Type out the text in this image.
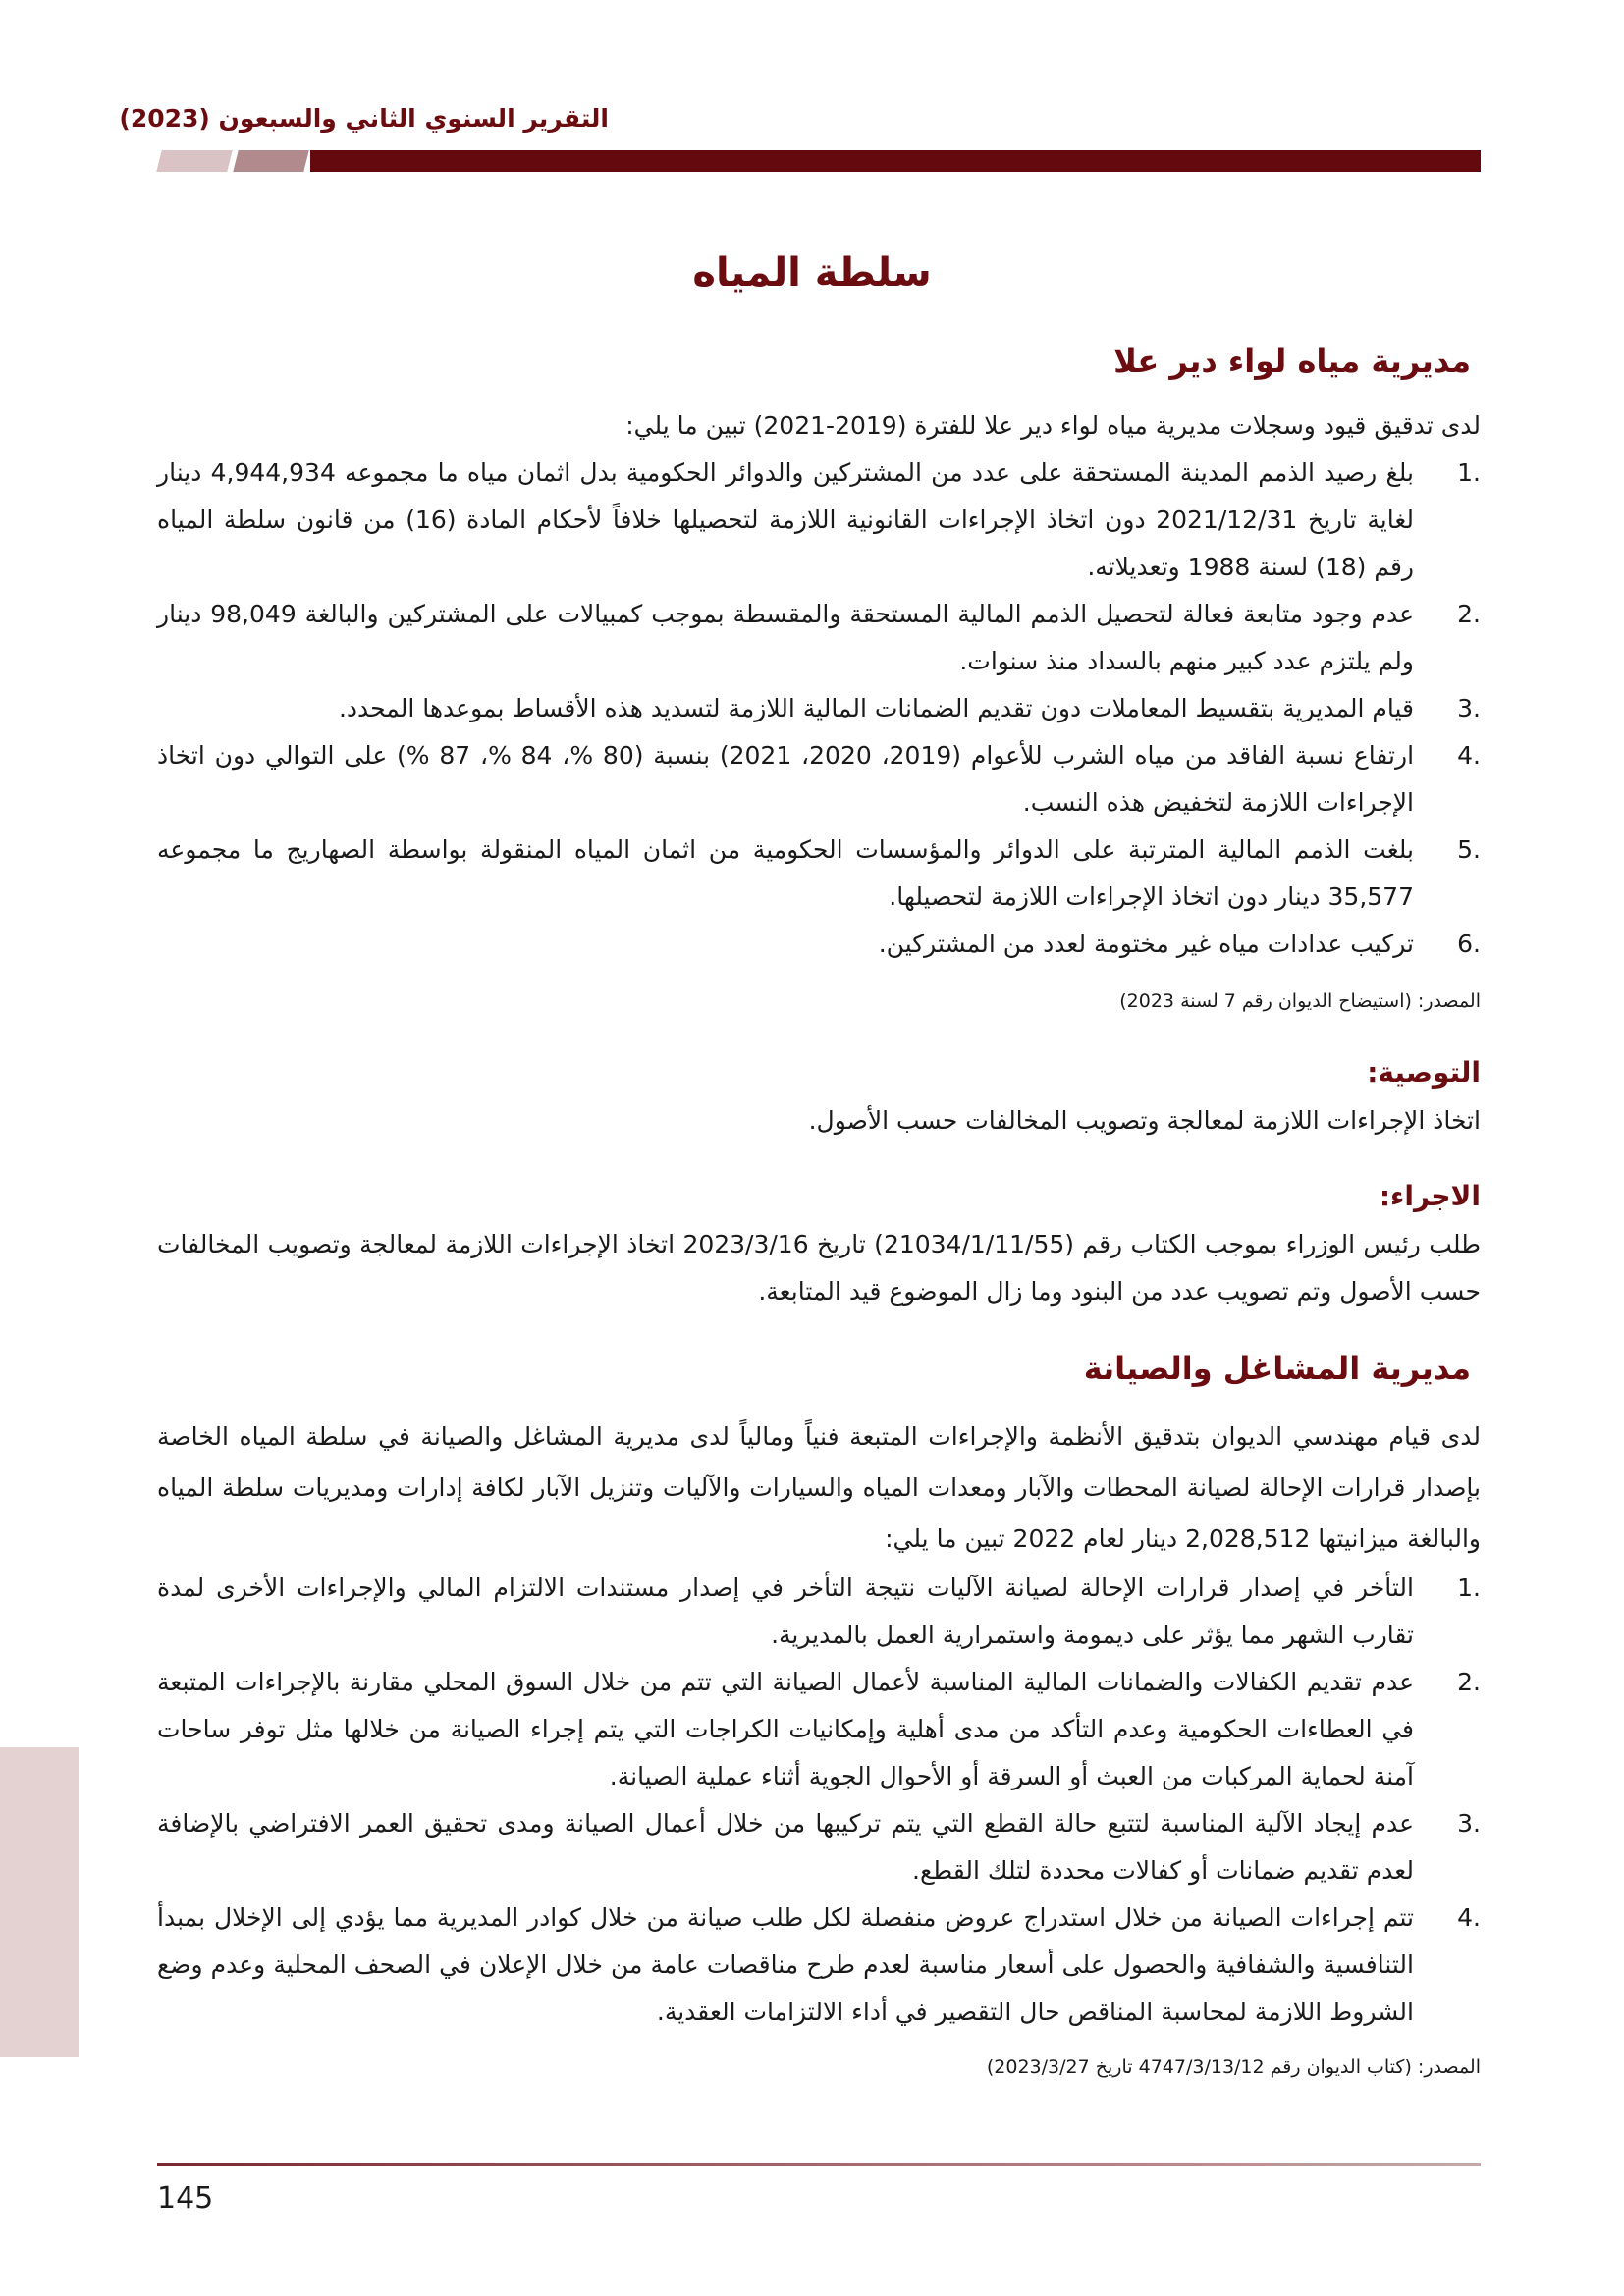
التقرير السنوي الثاني والسبعون (2023)
سلطة المياه
مديرية مياه لواء دير علا

لدى تدقيق قيود وسجلات مديرية مياه لواء دير علا للفترة (2019-2021) تبين ما يلي:

1.
بلغ رصيد الذمم المدينة المستحقة على عدد من المشتركين والدوائر الحكومية بدل اثمان مياه ما مجموعه 4,944,934 دينار لغاية تاريخ 2021/12/31 دون اتخاذ الإجراءات القانونية اللازمة لتحصيلها خلافاً لأحكام المادة (16) من قانون سلطة المياه رقم (18) لسنة 1988 وتعديلاته.
2.
عدم وجود متابعة فعالة لتحصيل الذمم المالية المستحقة والمقسطة بموجب كمبيالات على المشتركين والبالغة 98,049 دينار ولم يلتزم عدد كبير منهم بالسداد منذ سنوات.
3.
قيام المديرية بتقسيط المعاملات دون تقديم الضمانات المالية اللازمة لتسديد هذه الأقساط بموعدها المحدد.
4.
ارتفاع نسبة الفاقد من مياه الشرب للأعوام (2019، 2020، 2021) بنسبة (80 %، 84 %، 87 %) على التوالي دون اتخاذ الإجراءات اللازمة لتخفيض هذه النسب.
5.
بلغت الذمم المالية المترتبة على الدوائر والمؤسسات الحكومية من اثمان المياه المنقولة بواسطة الصهاريج ما مجموعه 35,577 دينار دون اتخاذ الإجراءات اللازمة لتحصيلها.
6.
تركيب عدادات مياه غير مختومة لعدد من المشتركين.

المصدر: (استيضاح الديوان رقم 7 لسنة 2023)

التوصية:

اتخاذ الإجراءات اللازمة لمعالجة وتصويب المخالفات حسب الأصول.

الاجراء:

طلب رئيس الوزراء بموجب الكتاب رقم (21034/1/11/55) تاريخ 2023/3/16 اتخاذ الإجراءات اللازمة لمعالجة وتصويب المخالفات حسب الأصول وتم تصويب عدد من البنود وما زال الموضوع قيد المتابعة.

مديرية المشاغل والصيانة

لدى قيام مهندسي الديوان بتدقيق الأنظمة والإجراءات المتبعة فنياً ومالياً لدى مديرية المشاغل والصيانة في سلطة المياه الخاصة بإصدار قرارات الإحالة لصيانة المحطات والآبار ومعدات المياه والسيارات والآليات وتنزيل الآبار لكافة إدارات ومديريات سلطة المياه والبالغة ميزانيتها 2,028,512 دينار لعام 2022 تبين ما يلي:

1.
التأخر في إصدار قرارات الإحالة لصيانة الآليات نتيجة التأخر في إصدار مستندات الالتزام المالي والإجراءات الأخرى لمدة تقارب الشهر مما يؤثر على ديمومة واستمرارية العمل بالمديرية.
2.
عدم تقديم الكفالات والضمانات المالية المناسبة لأعمال الصيانة التي تتم من خلال السوق المحلي مقارنة بالإجراءات المتبعة في العطاءات الحكومية وعدم التأكد من مدى أهلية وإمكانيات الكراجات التي يتم إجراء الصيانة من خلالها مثل توفر ساحات آمنة لحماية المركبات من العبث أو السرقة أو الأحوال الجوية أثناء عملية الصيانة.
3.
عدم إيجاد الآلية المناسبة لتتبع حالة القطع التي يتم تركيبها من خلال أعمال الصيانة ومدى تحقيق العمر الافتراضي بالإضافة لعدم تقديم ضمانات أو كفالات محددة لتلك القطع.
4.
تتم إجراءات الصيانة من خلال استدراج عروض منفصلة لكل طلب صيانة من خلال كوادر المديرية مما يؤدي إلى الإخلال بمبدأ التنافسية والشفافية والحصول على أسعار مناسبة لعدم طرح مناقصات عامة من خلال الإعلان في الصحف المحلية وعدم وضع الشروط اللازمة لمحاسبة المناقص حال التقصير في أداء الالتزامات العقدية.

المصدر: (كتاب الديوان رقم 4747/3/13/12 تاريخ 2023/3/27)

145
